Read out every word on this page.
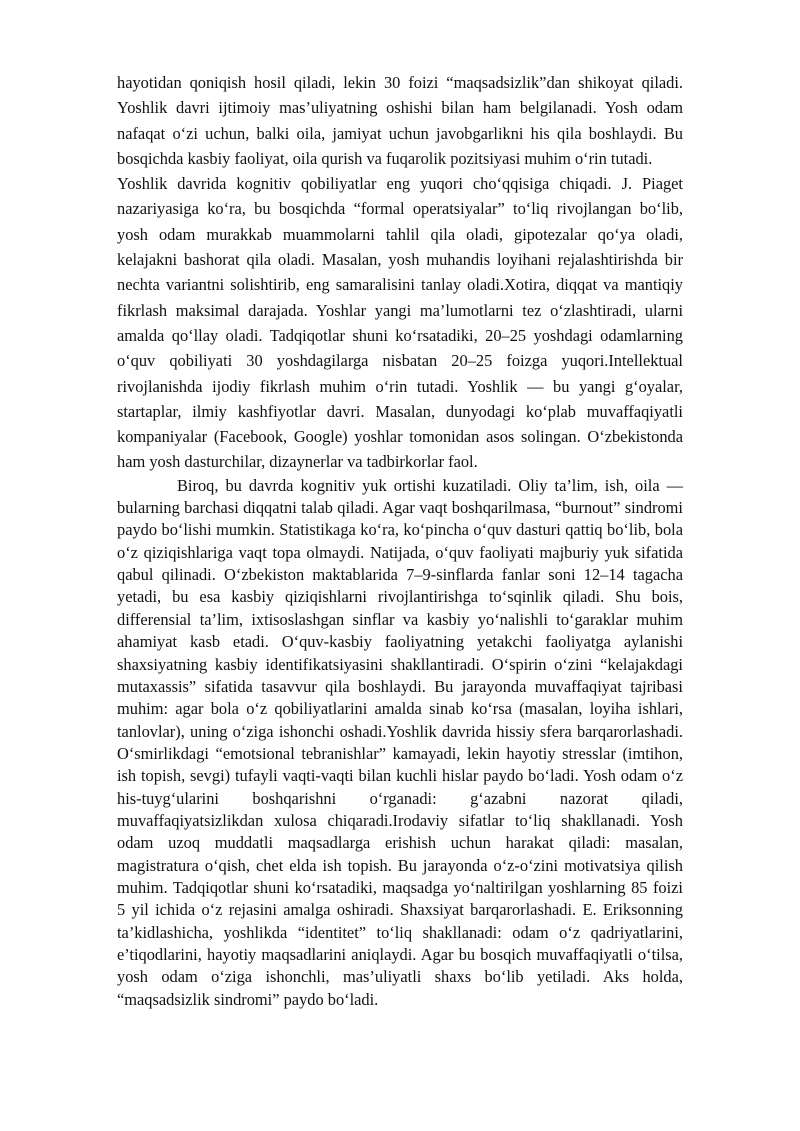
hayotidan qoniqish hosil qiladi, lekin 30 foizi “maqsadsizlik”dan shikoyat qiladi. Yoshlik davri ijtimoiy mas’uliyatning oshishi bilan ham belgilanadi. Yosh odam nafaqat o‘zi uchun, balki oila, jamiyat uchun javobgarlikni his qila boshlaydi. Bu bosqichda kasbiy faoliyat, oila qurish va fuqarolik pozitsiyasi muhim o‘rin tutadi.

Yoshlik davrida kognitiv qobiliyatlar eng yuqori cho‘qqisiga chiqadi. J. Piaget nazariyasiga ko‘ra, bu bosqichda “formal operatsiyalar” to‘liq rivojlangan bo‘lib, yosh odam murakkab muammolarni tahlil qila oladi, gipotezalar qo‘ya oladi, kelajakni bashorat qila oladi. Masalan, yosh muhandis loyihani rejalashtirishda bir nechta variantni solishtirib, eng samaralisini tanlay oladi.Xotira, diqqat va mantiqiy fikrlash maksimal darajada. Yoshlar yangi ma’lumotlarni tez o‘zlashtiradi, ularni amalda qo‘llay oladi. Tadqiqotlar shuni ko‘rsatadiki, 20–25 yoshdagi odamlarning o‘quv qobiliyati 30 yoshdagilarga nisbatan 20–25 foizga yuqori.Intellektual rivojlanishda ijodiy fikrlash muhim o‘rin tutadi. Yoshlik — bu yangi g‘oyalar, startaplar, ilmiy kashfiyotlar davri. Masalan, dunyodagi ko‘plab muvaffaqiyatli kompaniyalar (Facebook, Google) yoshlar tomonidan asos solingan. O‘zbekistonda ham yosh dasturchilar, dizaynerlar va tadbirkorlar faol.

Biroq, bu davrda kognitiv yuk ortishi kuzatiladi. Oliy ta’lim, ish, oila — bularning barchasi diqqatni talab qiladi. Agar vaqt boshqarilmasa, “burnout” sindromi paydo bo‘lishi mumkin. Statistikaga ko‘ra, ko‘pincha o‘quv dasturi qattiq bo‘lib, bola o‘z qiziqishlariga vaqt topa olmaydi. Natijada, o‘quv faoliyati majburiy yuk sifatida qabul qilinadi. O‘zbekiston maktablarida 7–9-sinflarda fanlar soni 12–14 tagacha yetadi, bu esa kasbiy qiziqishlarni rivojlantirishga to‘sqinlik qiladi. Shu bois, differensial ta’lim, ixtisoslashgan sinflar va kasbiy yo‘nalishli to‘garaklar muhim ahamiyat kasb etadi. O‘quv-kasbiy faoliyatning yetakchi faoliyatga aylanishi shaxsiyatning kasbiy identifikatsiyasini shakllantiradi. O‘spirin o‘zini “kelajakdagi mutaxassis” sifatida tasavvur qila boshlaydi. Bu jarayonda muvaffaqiyat tajribasi muhim: agar bola o‘z qobiliyatlarini amalda sinab ko‘rsa (masalan, loyiha ishlari, tanlovlar), uning o‘ziga ishonchi oshadi.Yoshlik davrida hissiy sfera barqarorlashadi. O‘smirlikdagi “emotsional tebranishlar” kamayadi, lekin hayotiy stresslar (imtihon, ish topish, sevgi) tufayli vaqti-vaqti bilan kuchli hislar paydo bo‘ladi. Yosh odam o‘z his-tuyg‘ularini boshqarishni o‘rganadi: g‘azabni nazorat qiladi, muvaffaqiyatsizlikdan xulosa chiqaradi.Irodaviy sifatlar to‘liq shakllanadi. Yosh odam uzoq muddatli maqsadlarga erishish uchun harakat qiladi: masalan, magistratura o‘qish, chet elda ish topish. Bu jarayonda o‘z-o‘zini motivatsiya qilish muhim. Tadqiqotlar shuni ko‘rsatadiki, maqsadga yo‘naltirilgan yoshlarning 85 foizi 5 yil ichida o‘z rejasini amalga oshiradi. Shaxsiyat barqarorlashadi. E. Eriksonning ta’kidlashicha, yoshlikda “identitet” to‘liq shakllanadi: odam o‘z qadriyatlarini, e’tiqodlarini, hayotiy maqsadlarini aniqlaydi. Agar bu bosqich muvaffaqiyatli o‘tilsa, yosh odam o‘ziga ishonchli, mas’uliyatli shaxs bo‘lib yetiladi. Aks holda, “maqsadsizlik sindromi” paydo bo‘ladi.
